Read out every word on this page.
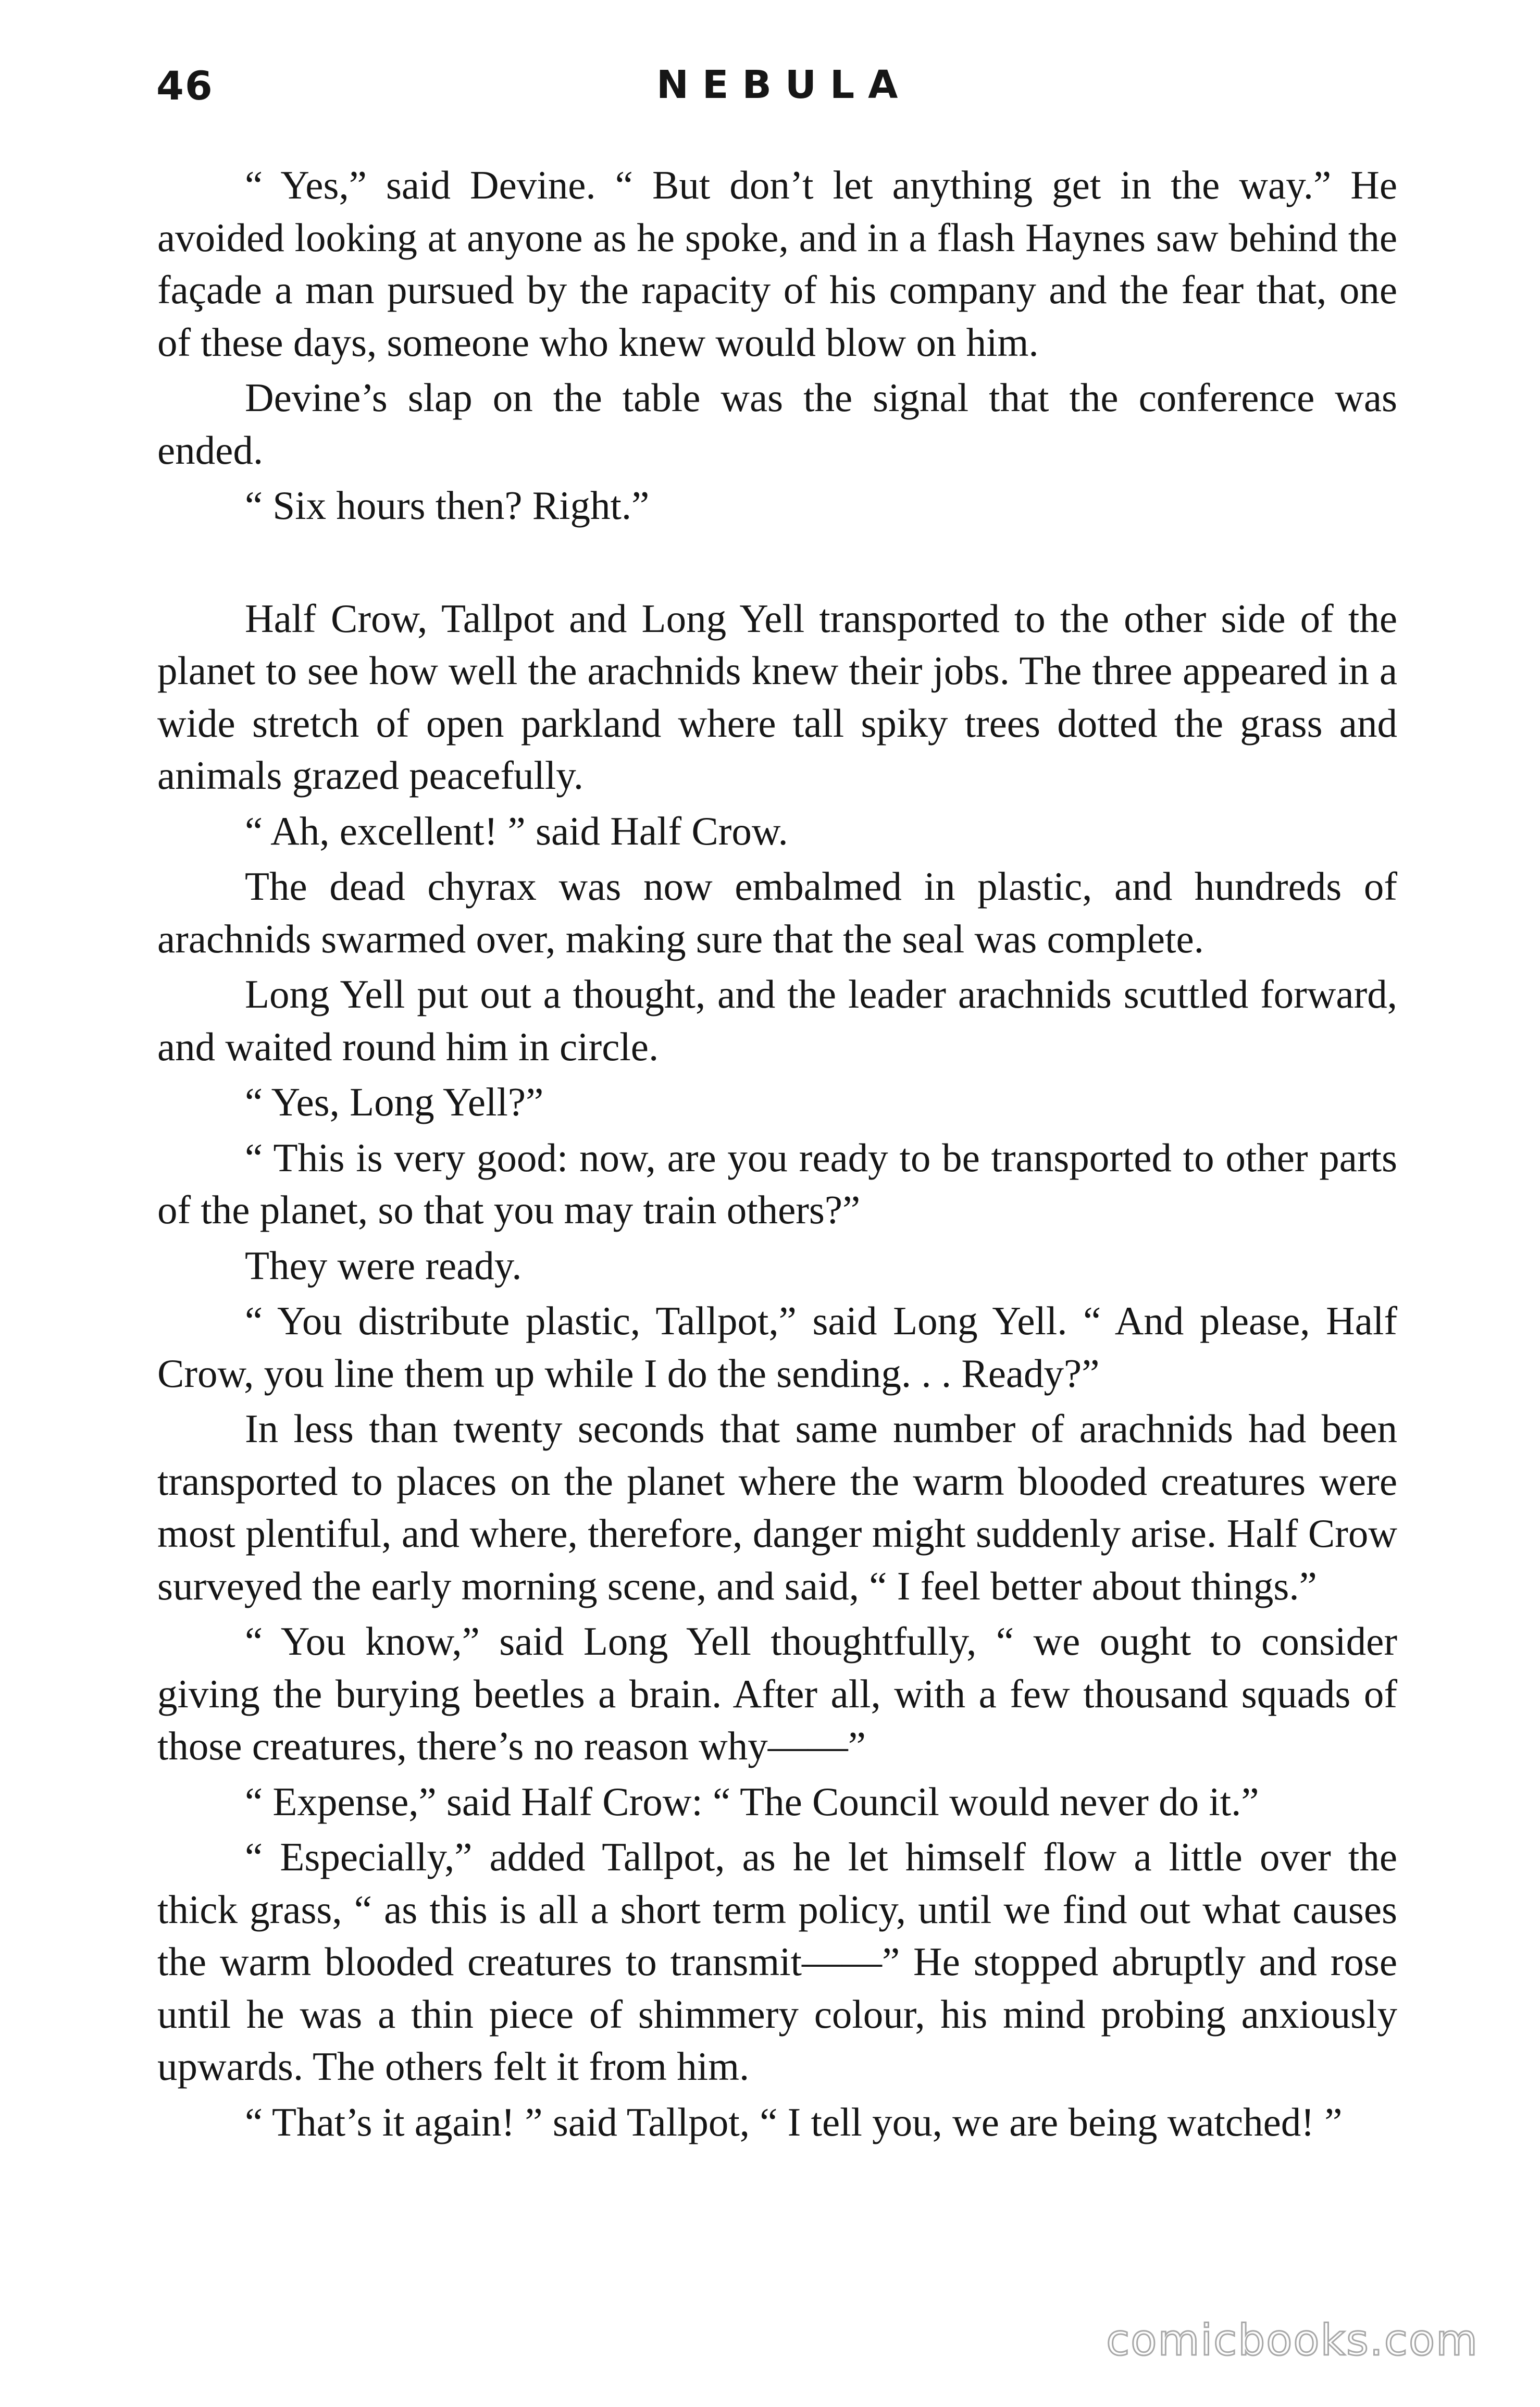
46	NEBULA

“ Yes,” said Devine. “ But don’t let anything get in the way.” He avoided looking at anyone as he spoke, and in a flash Haynes saw behind the façade a man pursued by the rapacity of his company and the fear that, one of these days, someone who knew would blow on him.

Devine’s slap on the table was the signal that the conference was ended.

“ Six hours then? Right.”

Half Crow, Tallpot and Long Yell transported to the other side of the planet to see how well the arachnids knew their jobs. The three appeared in a wide stretch of open parkland where tall spiky trees dotted the grass and animals grazed peacefully.

“ Ah, excellent! ” said Half Crow.

The dead chyrax was now embalmed in plastic, and hundreds of arachnids swarmed over, making sure that the seal was complete.

Long Yell put out a thought, and the leader arachnids scuttled forward, and waited round him in circle.

“ Yes, Long Yell?”

“ This is very good: now, are you ready to be transported to other parts of the planet, so that you may train others?”

They were ready.

“ You distribute plastic, Tallpot,” said Long Yell. “ And please, Half Crow, you line them up while I do the sending. . . Ready?”

In less than twenty seconds that same number of arachnids had been transported to places on the planet where the warm blooded creatures were most plentiful, and where, therefore, danger might suddenly arise. Half Crow surveyed the early morning scene, and said, “ I feel better about things.”

“ You know,” said Long Yell thoughtfully, “ we ought to consider giving the burying beetles a brain. After all, with a few thousand squads of those creatures, there’s no reason why——”

“ Expense,” said Half Crow: “ The Council would never do it.”

“ Especially,” added Tallpot, as he let himself flow a little over the thick grass, “ as this is all a short term policy, until we find out what causes the warm blooded creatures to transmit——” He stopped abruptly and rose until he was a thin piece of shimmery colour, his mind probing anxiously upwards. The others felt it from him.

“ That’s it again! ” said Tallpot, “ I tell you, we are being watched! ”

comicbooks.com
